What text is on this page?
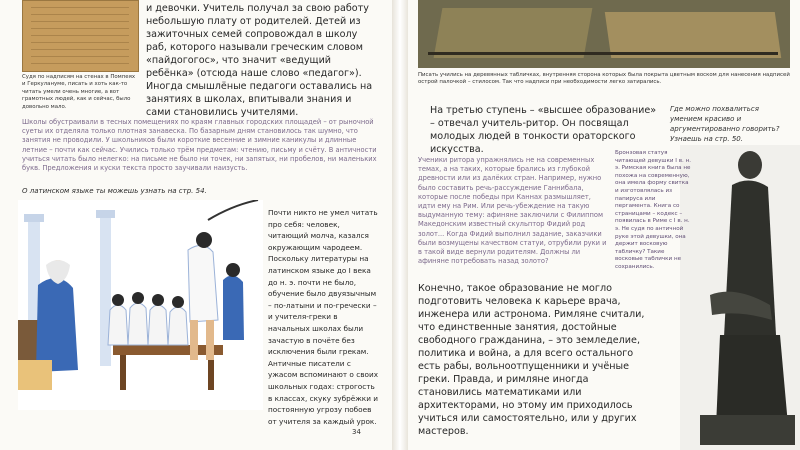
Судя по надписям на стенах в Помпеях и Геркулануме, писать и хоть как-то читать умели очень многие, а вот грамотных людей, как и сейчас, было довольно мало.
и девочки. Учитель получал за свою работу небольшую плату от родителей. Детей из зажиточных семей сопровождал в школу раб, которого называли греческим словом «пайдогогос», что значит «ведущий ребёнка» (отсюда наше слово «педагог»). Иногда смышлёные педагоги оставались на занятиях в школах, впитывали знания и сами становились учителями.
Школы обустраивали в тесных помещениях по краям главных городских площадей – от рыночной суеты их отделяла только плотная занавеска. По базарным дням становилось так шумно, что занятия не проводили. У школьников были короткие весенние и зимние каникулы и длинные летние – почти как сейчас. Учились только трём предметам: чтению, письму и счёту. В античности учиться читать было нелегко: на письме не было ни точек, ни запятых, ни пробелов, ни маленьких букв. Предложения и куски текста просто заучивали наизусть.
О латинском языке ты можешь узнать на стр. 54.
Почти никто не умел читать про себя: человек, читающий молча, казался окружающим чародеем. Поскольку литературы на латинском языке до I века до н. э. почти не было, обучение было двуязычным – по-латыни и по-гречески – и учителя-греки в начальных школах были зачастую в почёте без исключения были грекам. Античные писатели с ужасом вспоминают о своих школьных годах: строгость в классах, скуку зубрёжки и постоянную угрозу побоев от учителя за каждый урок.
34
Писать учились на деревянных табличках, внутренняя сторона которых была покрыта цветным воском для нанесения надписей острой палочкой – стилосом. Так что надписи при необходимости легко затирались.
На третью ступень – «высшее образование» – отвечал учитель-ритор. Он посвящал молодых людей в тонкости ораторского искусства.
Где можно похвалиться умением красиво и аргументированно говорить? Узнаешь на стр. 50.
Ученики ритора упражнялись не на современных темах, а на таких, которые брались из глубокой древности или из далёких стран. Например, нужно было составить речь-рассуждение Ганнибала, которые после победы при Каннах размышляет, идти ему на Рим. Или речь-убеждение на такую выдуманную тему: афиняне заключили с Филиппом Македонским известный скульптор Фидий род золот... Когда Фидий выполнил задание, заказчики были возмущены качеством статуи, отрубили руки и в такой виде вернули родителям. Должны ли афиняне потребовать назад золото?
Бронзовая статуя читающей девушки I в. н. э. Римская книга была не похожа на современную, она имела форму свитка и изготовлялась из папируса или пергамента. Книга со страницами – кодекс – появилась в Риме с I в. н. э. Не судя по античной руке этой девушки, она держит восковую табличку? Такие восковые таблички не сохранились.
Конечно, такое образование не могло подготовить человека к карьере врача, инженера или астронома. Римляне считали, что единственные занятия, достойные свободного гражданина, – это земледелие, политика и война, а для всего остального есть рабы, вольноотпущенники и учёные греки. Правда, и римляне иногда становились математиками или архитекторами, но этому им приходилось учиться или самостоятельно, или у других мастеров.
